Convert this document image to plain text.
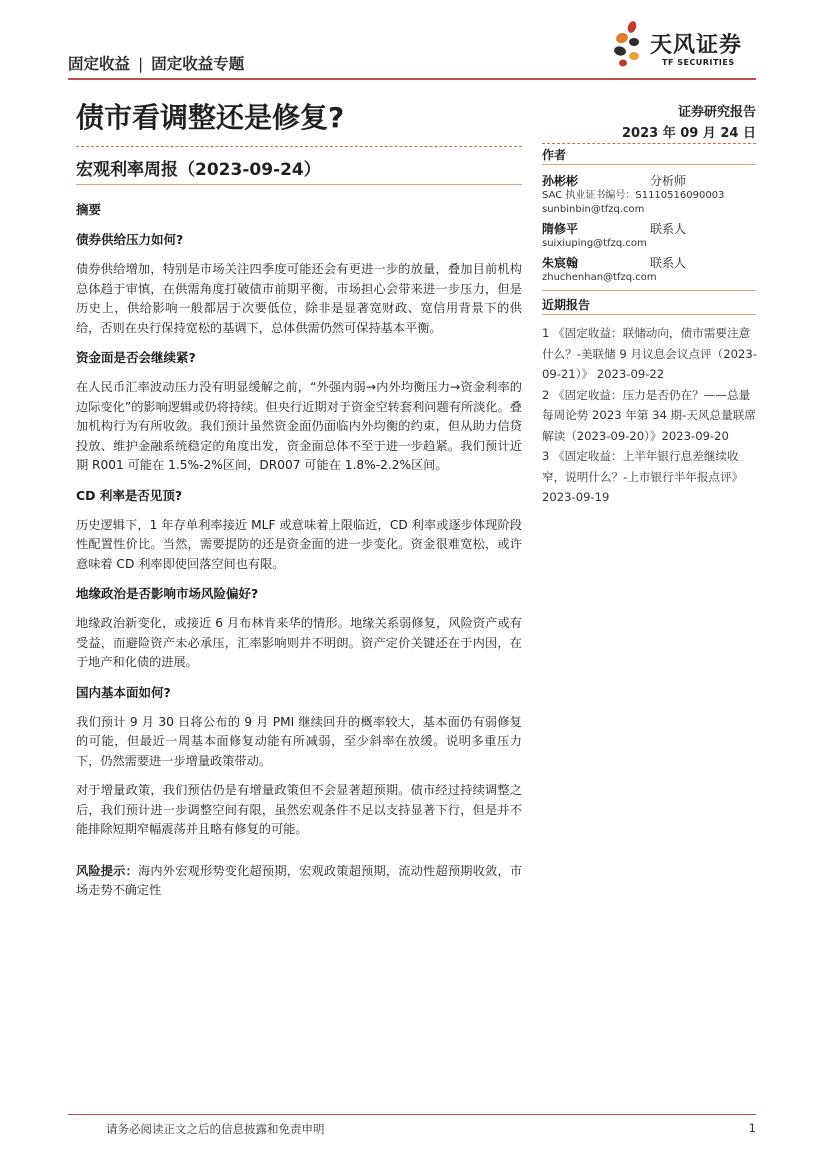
固定收益 | 固定收益专题
天风证券
TF SECURITIES
债市看调整还是修复?	证券研究报告
2023 年 09 月 24 日
宏观利率周报（2023-09-24）
摘要
债券供给压力如何?
债券供给增加，特别是市场关注四季度可能还会有更进一步的放量，叠加目前机构总体趋于审慎，在供需角度打破债市前期平衡，市场担心会带来进一步压力，但是历史上，供给影响一般都居于次要低位，除非是显著宽财政、宽信用背景下的供给，否则在央行保持宽松的基调下，总体供需仍然可保持基本平衡。
资金面是否会继续紧?
在人民币汇率波动压力没有明显缓解之前，“外强内弱→内外均衡压力→资金利率的边际变化”的影响逻辑或仍将持续。但央行近期对于资金空转套利问题有所淡化。叠加机构行为有所收敛。我们预计虽然资金面仍面临内外均衡的约束，但从助力信贷投放、维护金融系统稳定的角度出发，资金面总体不至于进一步趋紧。我们预计近期 R001 可能在 1.5%-2%区间，DR007 可能在 1.8%-2.2%区间。
CD 利率是否见顶?
历史逻辑下，1 年存单利率接近 MLF 或意味着上限临近，CD 利率或逐步体现阶段性配置性价比。当然，需要提防的还是资金面的进一步变化。资金很难宽松，或许意味着 CD 利率即使回落空间也有限。
地缘政治是否影响市场风险偏好?
地缘政治新变化，或接近 6 月布林肯来华的情形。地缘关系弱修复，风险资产或有受益，而避险资产未必承压，汇率影响则并不明朗。资产定价关键还在于内因，在于地产和化债的进展。
国内基本面如何?
我们预计 9 月 30 日将公布的 9 月 PMI 继续回升的概率较大，基本面仍有弱修复的可能，但最近一周基本面修复动能有所减弱，至少斜率在放缓。说明多重压力下，仍然需要进一步增量政策带动。
对于增量政策，我们预估仍是有增量政策但不会显著超预期。债市经过持续调整之后，我们预计进一步调整空间有限，虽然宏观条件不足以支持显著下行，但是并不能排除短期窄幅震荡并且略有修复的可能。
风险提示：海内外宏观形势变化超预期，宏观政策超预期，流动性超预期收敛，市场走势不确定性
作者
孙彬彬	分析师
SAC 执业证书编号：S1110516090003
sunbinbin@tfzq.com
隋修平	联系人
suixiuping@tfzq.com
朱宸翰	联系人
zhuchenhan@tfzq.com
近期报告
1 《固定收益：联储动向，债市需要注意什么？-美联储 9 月议息会议点评（2023-09-21）》 2023-09-22
2 《固定收益：压力是否仍在？——总量每周论势 2023 年第 34 期-天风总量联席解读（2023-09-20）》2023-09-20
3 《固定收益：上半年银行息差继续收窄，说明什么？-上市银行半年报点评》 2023-09-19
请务必阅读正文之后的信息披露和免责申明	1
